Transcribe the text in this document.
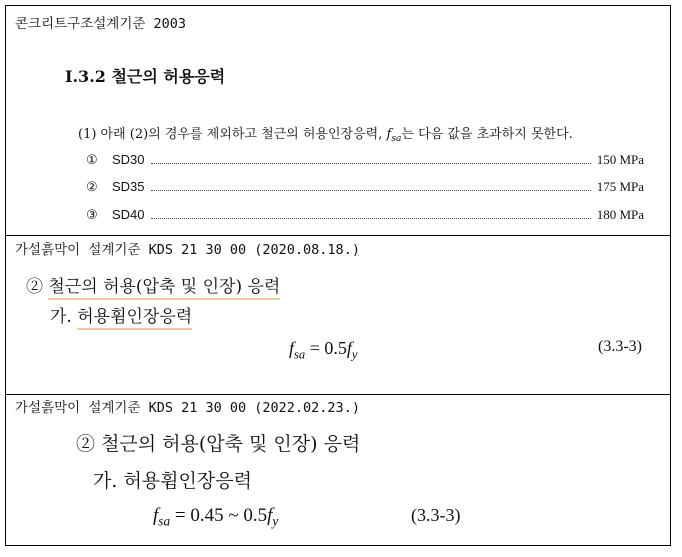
콘크리트구조설계기준 2003
I.3.2 철근의 허용응력
(1) 아래 (2)의 경우를 제외하고 철근의 허용인장응력, $f_{sa}$는 다음 값을 초과하지 못한다.
①	SD30	150 MPa
②	SD35	175 MPa
③	SD40	180 MPa
가설흙막이 설계기준 KDS 21 30 00 (2020.08.18.)
② 철근의 허용(압축 및 인장) 응력
가. 허용휨인장응력
$f_{sa} = 0.5f_y$	(3.3-3)
가설흙막이 설계기준 KDS 21 30 00 (2022.02.23.)
② 철근의 허용(압축 및 인장) 응력
가. 허용휨인장응력
$f_{sa} = 0.45$ ~ $0.5f_y$	(3.3-3)
